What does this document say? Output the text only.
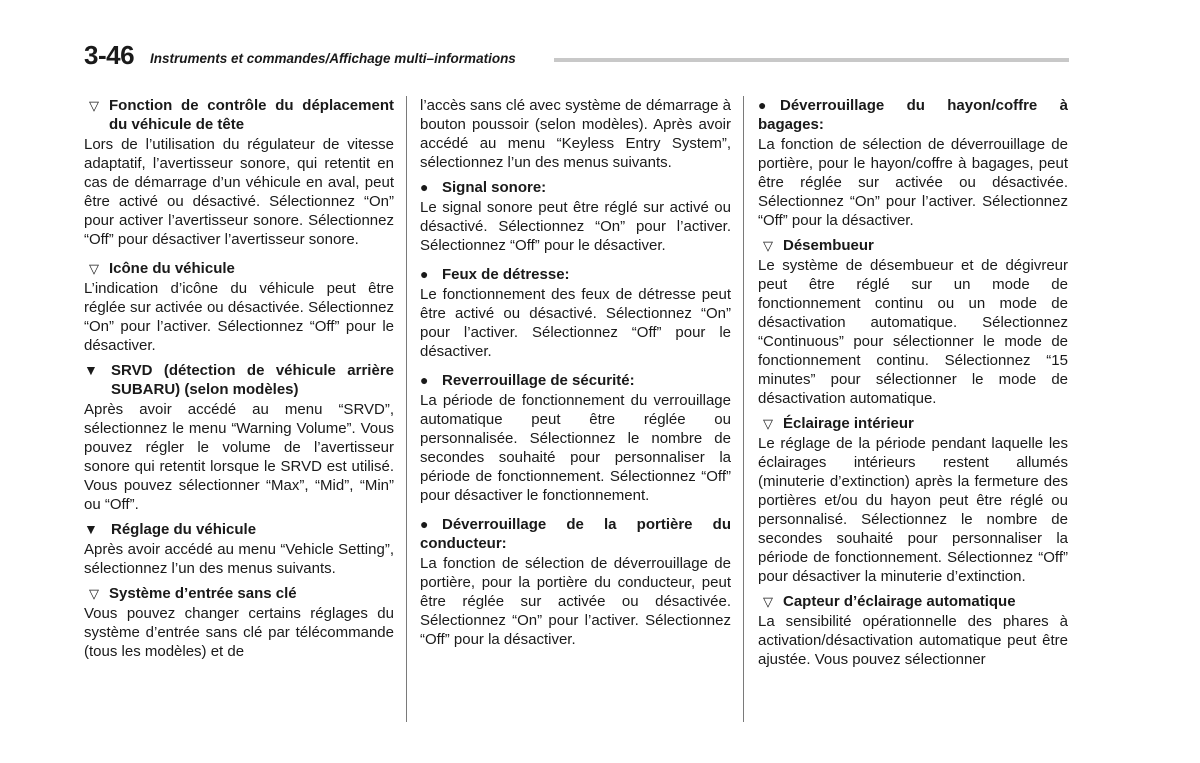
3-46 Instruments et commandes/Affichage multi–informations

▽ Fonction de contrôle du déplacement du véhicule de tête

Lors de l’utilisation du régulateur de vitesse adaptatif, l’avertisseur sonore, qui retentit en cas de démarrage d’un véhicule en aval, peut être activé ou désactivé. Sélectionnez “On” pour activer l’avertisseur sonore. Sélectionnez “Off” pour désactiver l’avertisseur sonore.

▽ Icône du véhicule

L’indication d’icône du véhicule peut être réglée sur activée ou désactivée. Sélectionnez “On” pour l’activer. Sélectionnez “Off” pour le désactiver.

▼ SRVD (détection de véhicule arrière SUBARU) (selon modèles)

Après avoir accédé au menu “SRVD”, sélectionnez le menu “Warning Volume”. Vous pouvez régler le volume de l’avertisseur sonore qui retentit lorsque le SRVD est utilisé. Vous pouvez sélectionner “Max”, “Mid”, “Min” ou “Off”.

▼ Réglage du véhicule

Après avoir accédé au menu “Vehicle Setting”, sélectionnez l’un des menus suivants.

▽ Système d’entrée sans clé

Vous pouvez changer certains réglages du système d’entrée sans clé par télécommande (tous les modèles) et de

l’accès sans clé avec système de démarrage à bouton poussoir (selon modèles). Après avoir accédé au menu “Keyless Entry System”, sélectionnez l’un des menus suivants.

● Signal sonore:

Le signal sonore peut être réglé sur activé ou désactivé. Sélectionnez “On” pour l’activer. Sélectionnez “Off” pour le désactiver.

● Feux de détresse:

Le fonctionnement des feux de détresse peut être activé ou désactivé. Sélectionnez “On” pour l’activer. Sélectionnez “Off” pour le désactiver.

● Reverrouillage de sécurité:

La période de fonctionnement du verrouillage automatique peut être réglée ou personnalisée. Sélectionnez le nombre de secondes souhaité pour personnaliser la période de fonctionnement. Sélectionnez “Off” pour désactiver le fonctionnement.

● Déverrouillage de la portière du conducteur:

La fonction de sélection de déverrouillage de portière, pour la portière du conducteur, peut être réglée sur activée ou désactivée. Sélectionnez “On” pour l’activer. Sélectionnez “Off” pour la désactiver.

● Déverrouillage du hayon/coffre à bagages:

La fonction de sélection de déverrouillage de portière, pour le hayon/coffre à bagages, peut être réglée sur activée ou désactivée. Sélectionnez “On” pour l’activer. Sélectionnez “Off” pour la désactiver.

▽ Désembueur

Le système de désembueur et de dégivreur peut être réglé sur un mode de fonctionnement continu ou un mode de désactivation automatique. Sélectionnez “Continuous” pour sélectionner le mode de fonctionnement continu. Sélectionnez “15 minutes” pour sélectionner le mode de désactivation automatique.

▽ Éclairage intérieur

Le réglage de la période pendant laquelle les éclairages intérieurs restent allumés (minuterie d’extinction) après la fermeture des portières et/ou du hayon peut être réglé ou personnalisé. Sélectionnez le nombre de secondes souhaité pour personnaliser la période de fonctionnement. Sélectionnez “Off” pour désactiver la minuterie d’extinction.

▽ Capteur d’éclairage automatique

La sensibilité opérationnelle des phares à activation/désactivation automatique peut être ajustée. Vous pouvez sélectionner
